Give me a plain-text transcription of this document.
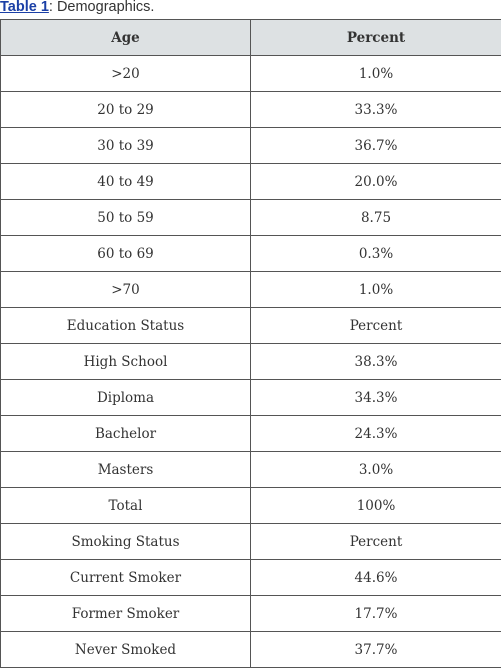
Table 1: Demographics.
Age	Percent
>20	1.0%
20 to 29	33.3%
30 to 39	36.7%
40 to 49	20.0%
50 to 59	8.75
60 to 69	0.3%
>70	1.0%
Education Status	Percent
High School	38.3%
Diploma	34.3%
Bachelor	24.3%
Masters	3.0%
Total	100%
Smoking Status	Percent
Current Smoker	44.6%
Former Smoker	17.7%
Never Smoked	37.7%
